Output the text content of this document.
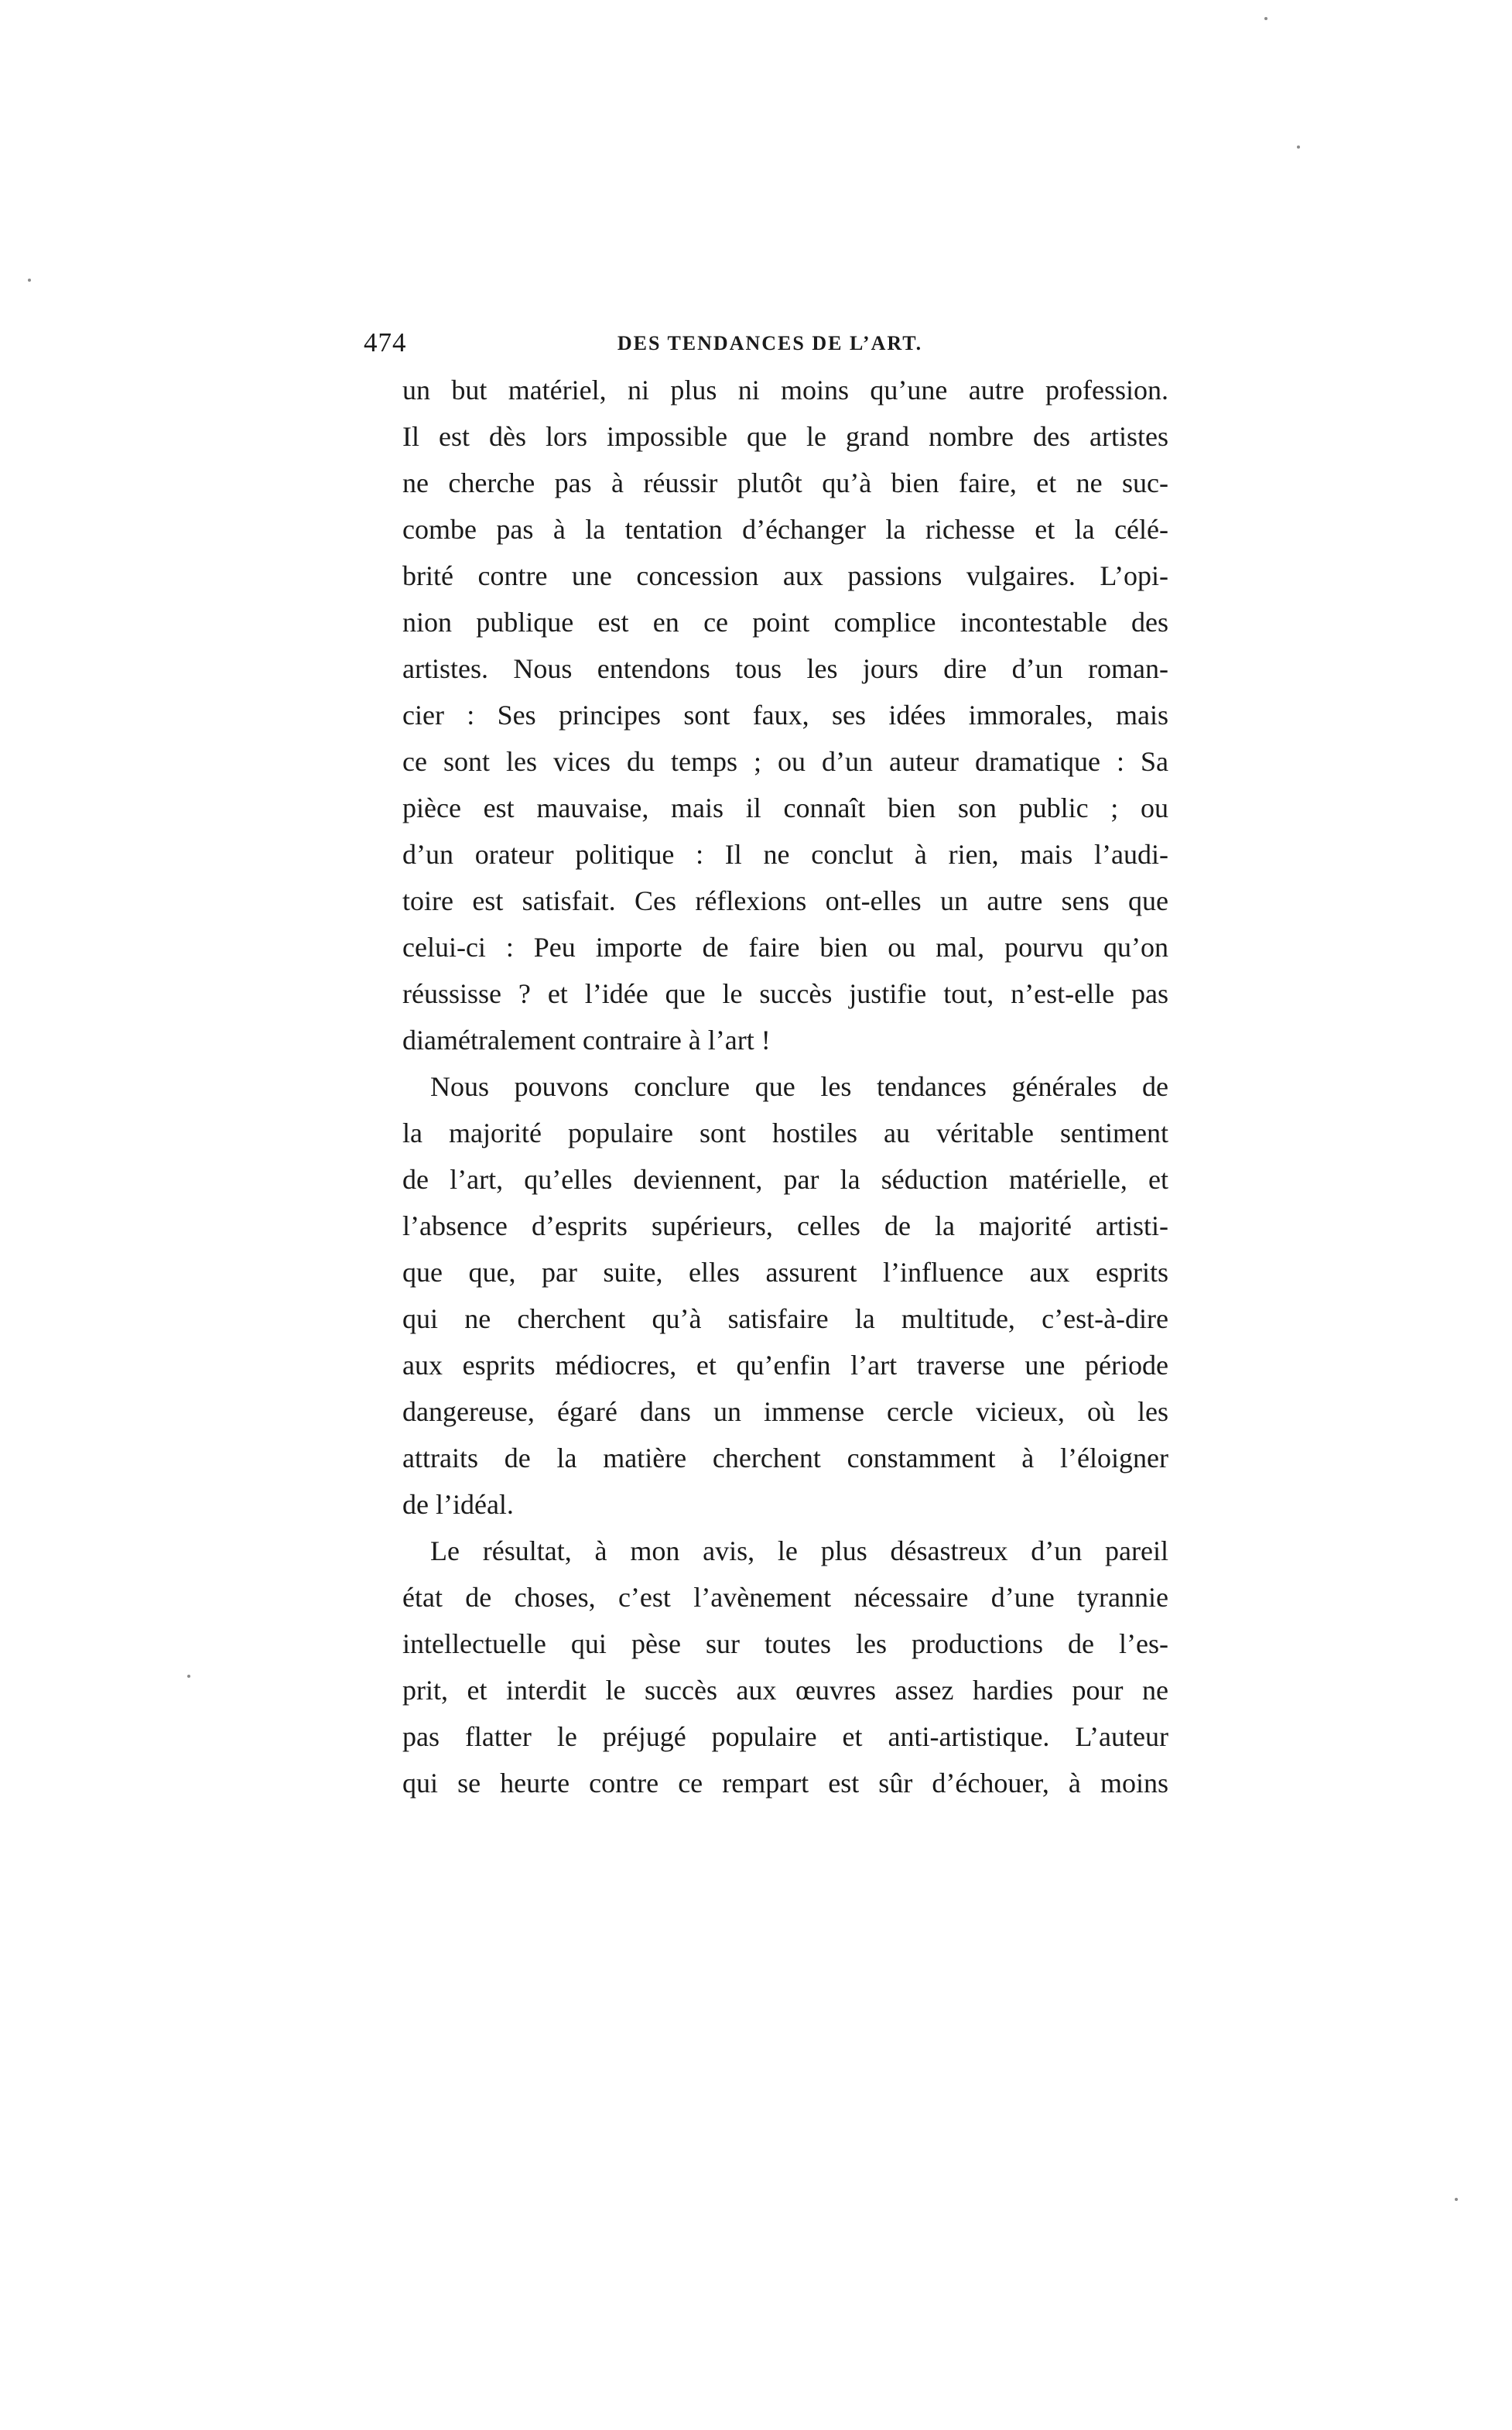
474	DES TENDANCES DE L’ART.
un but matériel, ni plus ni moins qu’une autre profession.
Il est dès lors impossible que le grand nombre des artistes
ne cherche pas à réussir plutôt qu’à bien faire, et ne suc-
combe pas à la tentation d’échanger la richesse et la célé-
brité contre une concession aux passions vulgaires. L’opi-
nion publique est en ce point complice incontestable des
artistes. Nous entendons tous les jours dire d’un roman-
cier : Ses principes sont faux, ses idées immorales, mais
ce sont les vices du temps ; ou d’un auteur dramatique : Sa
pièce est mauvaise, mais il connaît bien son public ; ou
d’un orateur politique : Il ne conclut à rien, mais l’audi-
toire est satisfait. Ces réflexions ont-elles un autre sens que
celui-ci : Peu importe de faire bien ou mal, pourvu qu’on
réussisse ? et l’idée que le succès justifie tout, n’est-elle pas
diamétralement contraire à l’art !
Nous pouvons conclure que les tendances générales de
la majorité populaire sont hostiles au véritable sentiment
de l’art, qu’elles deviennent, par la séduction matérielle, et
l’absence d’esprits supérieurs, celles de la majorité artisti-
que que, par suite, elles assurent l’influence aux esprits
qui ne cherchent qu’à satisfaire la multitude, c’est-à-dire
aux esprits médiocres, et qu’enfin l’art traverse une période
dangereuse, égaré dans un immense cercle vicieux, où les
attraits de la matière cherchent constamment à l’éloigner
de l’idéal.
Le résultat, à mon avis, le plus désastreux d’un pareil
état de choses, c’est l’avènement nécessaire d’une tyrannie
intellectuelle qui pèse sur toutes les productions de l’es-
prit, et interdit le succès aux œuvres assez hardies pour ne
pas flatter le préjugé populaire et anti-artistique. L’auteur
qui se heurte contre ce rempart est sûr d’échouer, à moins
